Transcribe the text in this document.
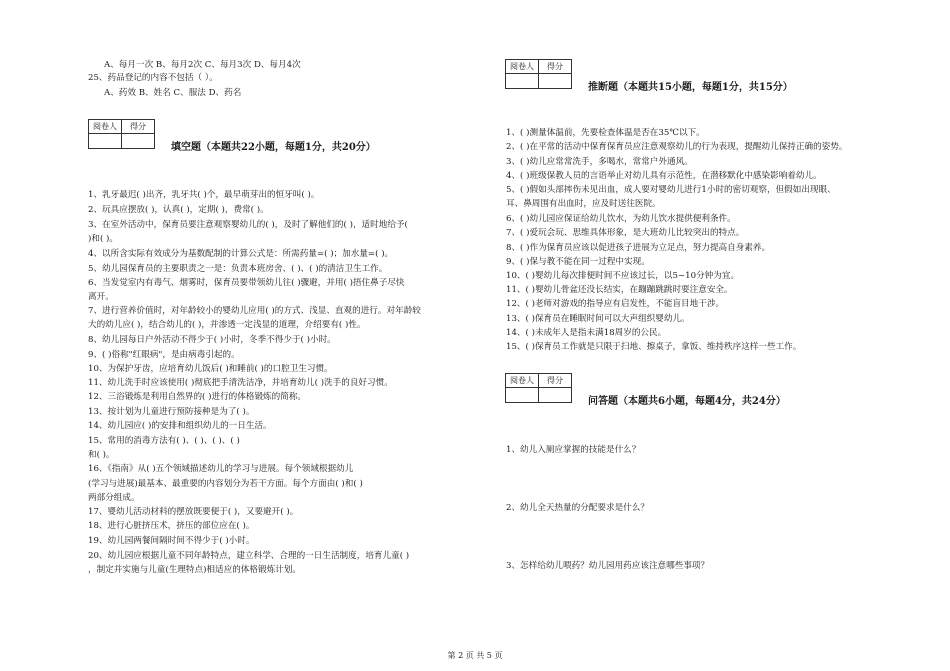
A、每月一次 B、每月2次 C、每月3次 D、每月4次
25、药品登记的内容不包括（ ）。
A、药效 B、姓名 C、服法 D、药名
阅卷人	得分

填空题（本题共22小题，每题1分，共20分）
1、乳牙最迟( )出齐，乳牙共( )个，最早萌芽出的恒牙叫( )。
2、玩具应摆放( )，认真( )，定期( )，费常( )。
3、在室外活动中，保育员要注意观察婴幼儿的( )，及时了解他们的( )，适时地给予(
)和( )。
4、以所含实际有效成分为基数配制的计算公式是：所需药量=( )；加水量=( )。
5、幼儿园保育员的主要职责之一是：负责本班房舍、( )、( )的清洁卫生工作。
6、当发觉室内有毒气、烟雾时，保育员要带领幼儿往( )骤避，并用( )捂住鼻子尽快
离开。
7、进行营养价值时，对年龄较小的婴幼儿应用( )的方式、浅显、直观的进行。对年龄较
大的幼儿应( )，结合幼儿的( )，并渗透一定浅显的道理，介绍要有( )性。
8、幼儿园每日户外活动不得少于( )小时，冬季不得少于( )小时。
9、( )俗称"红眼病"，是由病毒引起的。
10、为保护牙齿，应培育幼儿饭后( )和睡前( )的口腔卫生习惯。
11、幼儿洗手时应该使用( )彻底把手清洗洁净，并培育幼儿( )洗手的良好习惯。
12、三浴锻炼是利用自然界的( )进行的体格锻炼的简称。
13、按计划为儿童进行预防接种是为了( )。
14、幼儿园应( )的安排和组织幼儿的一日生活。
15、常用的消毒方法有( )、( )、( )、( )
和( )。
16、《指南》从( )五个领域描述幼儿的学习与进展。每个领域根据幼儿
(学习与进展)最基本、最重要的内容划分为若干方面。每个方面由( )和( )
两部分组成。
17、婴幼儿活动材料的摆放既要便于( )，又要避开( )。
18、进行心脏挤压术，挤压的部位应在( )。
19、幼儿园两餐间隔时间不得少于( )小时。
20、幼儿园应根据儿童不同年龄特点，建立科学、合理的一日生活制度，培育儿童( )
，制定并实施与儿童(生理特点)相适应的体格锻炼计划。
阅卷人	得分

推断题（本题共15小题，每题1分，共15分）
1、( )测量体温前，先要检查体温是否在35℃以下。
2、( )在平常的活动中保育保育员应注意观察幼儿的行为表现，提醒幼儿保持正确的姿势。
3、( )幼儿应常常洗手，多喝水，常常户外通风。
4、( )班级保教人员的言语举止对幼儿具有示范性，在潜移默化中感染影响着幼儿。
5、( )假如头部摔伤未见出血，成人要对婴幼儿进行1小时的密切观察，但假如出现眼、
耳、鼻周围有出血时，应及时送往医院。
6、( )幼儿园应保证给幼儿饮水，为幼儿饮水提供便利条件。
7、( )爱玩会玩、思维具体形象，是大班幼儿比较突出的特点。
8、( )作为保育员应该以促进孩子进展为立足点，努力提高自身素养。
9、( )保与教不能在同一过程中实现。
10、( )婴幼儿每次排便时间不应该过长，以5~10分钟为宜。
11、( )婴幼儿骨盆还没长结实，在蹦蹦跳跳时要注意安全。
12、( )老师对游戏的指导应有启发性，不能盲目地干涉。
13、( )保育员在睡眠时间可以大声组织婴幼儿。
14、( )未成年人是指未满18周岁的公民。
15、( )保育员工作就是只限于扫地、擦桌子，拿饭、维持秩序这样一些工作。
阅卷人	得分

问答题（本题共6小题，每题4分，共24分）
1、幼儿入厕应掌握的技能是什么？
2、幼儿全天热量的分配要求是什么？
3、怎样给幼儿喂药？幼儿园用药应该注意哪些事项？
第 2 页 共 5 页
